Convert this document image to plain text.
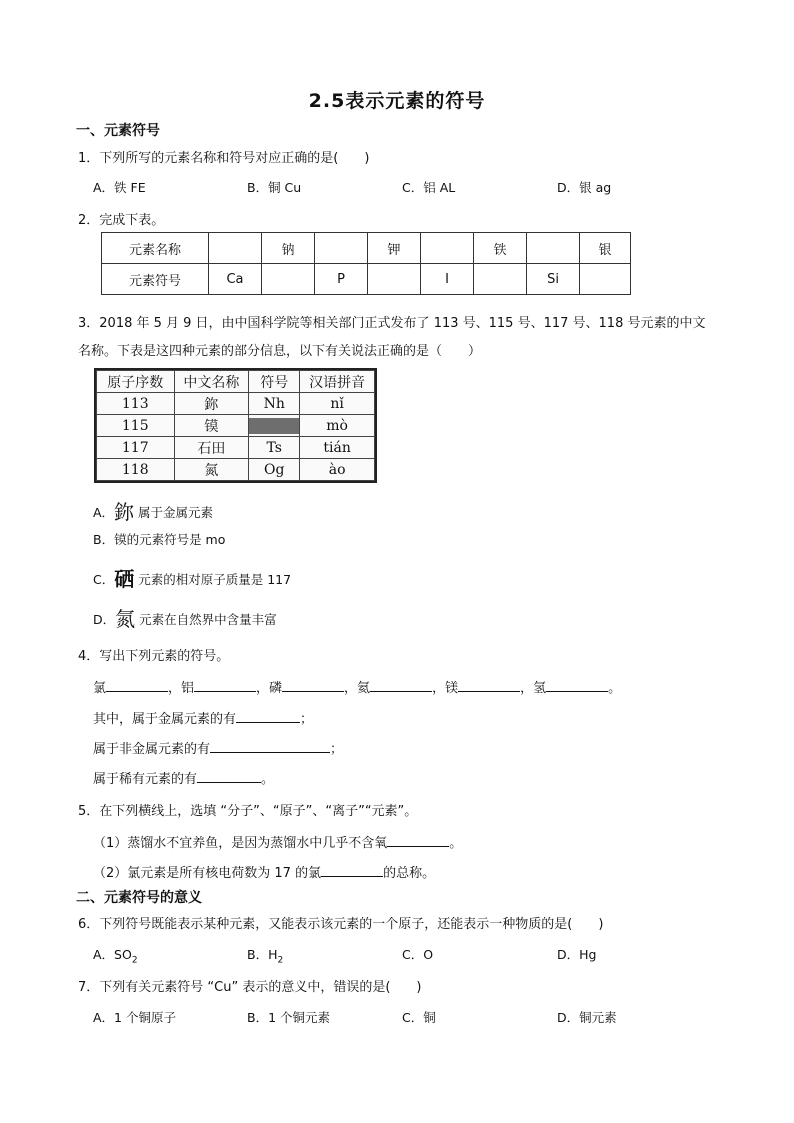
2.5表示元素的符号
一、元素符号
1．下列所写的元素名称和符号对应正确的是(　　)
A．铁 FE	B．铜 Cu	C．铝 AL	D．银 ag
2．完成下表。
元素名称		钠		钾		铁		银
元素符号	Ca		P		I		Si	
3．2018 年 5 月 9 日，由中国科学院等相关部门正式发布了 113 号、115 号、117 号、118 号元素的中文
名称。下表是这四种元素的部分信息，以下有关说法正确的是（　　）
原子序数	中文名称	符号	汉语拼音
113	鉨	Nh	nǐ
115	镆		mò
117	石田	Ts	tián
118	氮	Og	ào
A．鉨 属于金属元素
B．镆的元素符号是 mo
C．硒 元素的相对原子质量是 117
D．氮 元素在自然界中含量丰富
4．写出下列元素的符号。
氯	，铝	，磷	，氦	，镁	，氢	。
其中，属于金属元素的有	；
属于非金属元素的有	；
属于稀有元素的有	。
5．在下列横线上，选填 “分子”、“原子”、“离子”“元素”。
（1）蒸馏水不宜养鱼，是因为蒸馏水中几乎不含氧	。
（2）氯元素是所有核电荷数为 17 的氯	的总称。
二、元素符号的意义
6．下列符号既能表示某种元素，又能表示该元素的一个原子，还能表示一种物质的是(　　)
A．$SO_2$	B．$H_2$	C．O	D．Hg
7．下列有关元素符号 “Cu” 表示的意义中，错误的是(　　)
A．1 个铜原子	B．1 个铜元素	C．铜	D．铜元素
